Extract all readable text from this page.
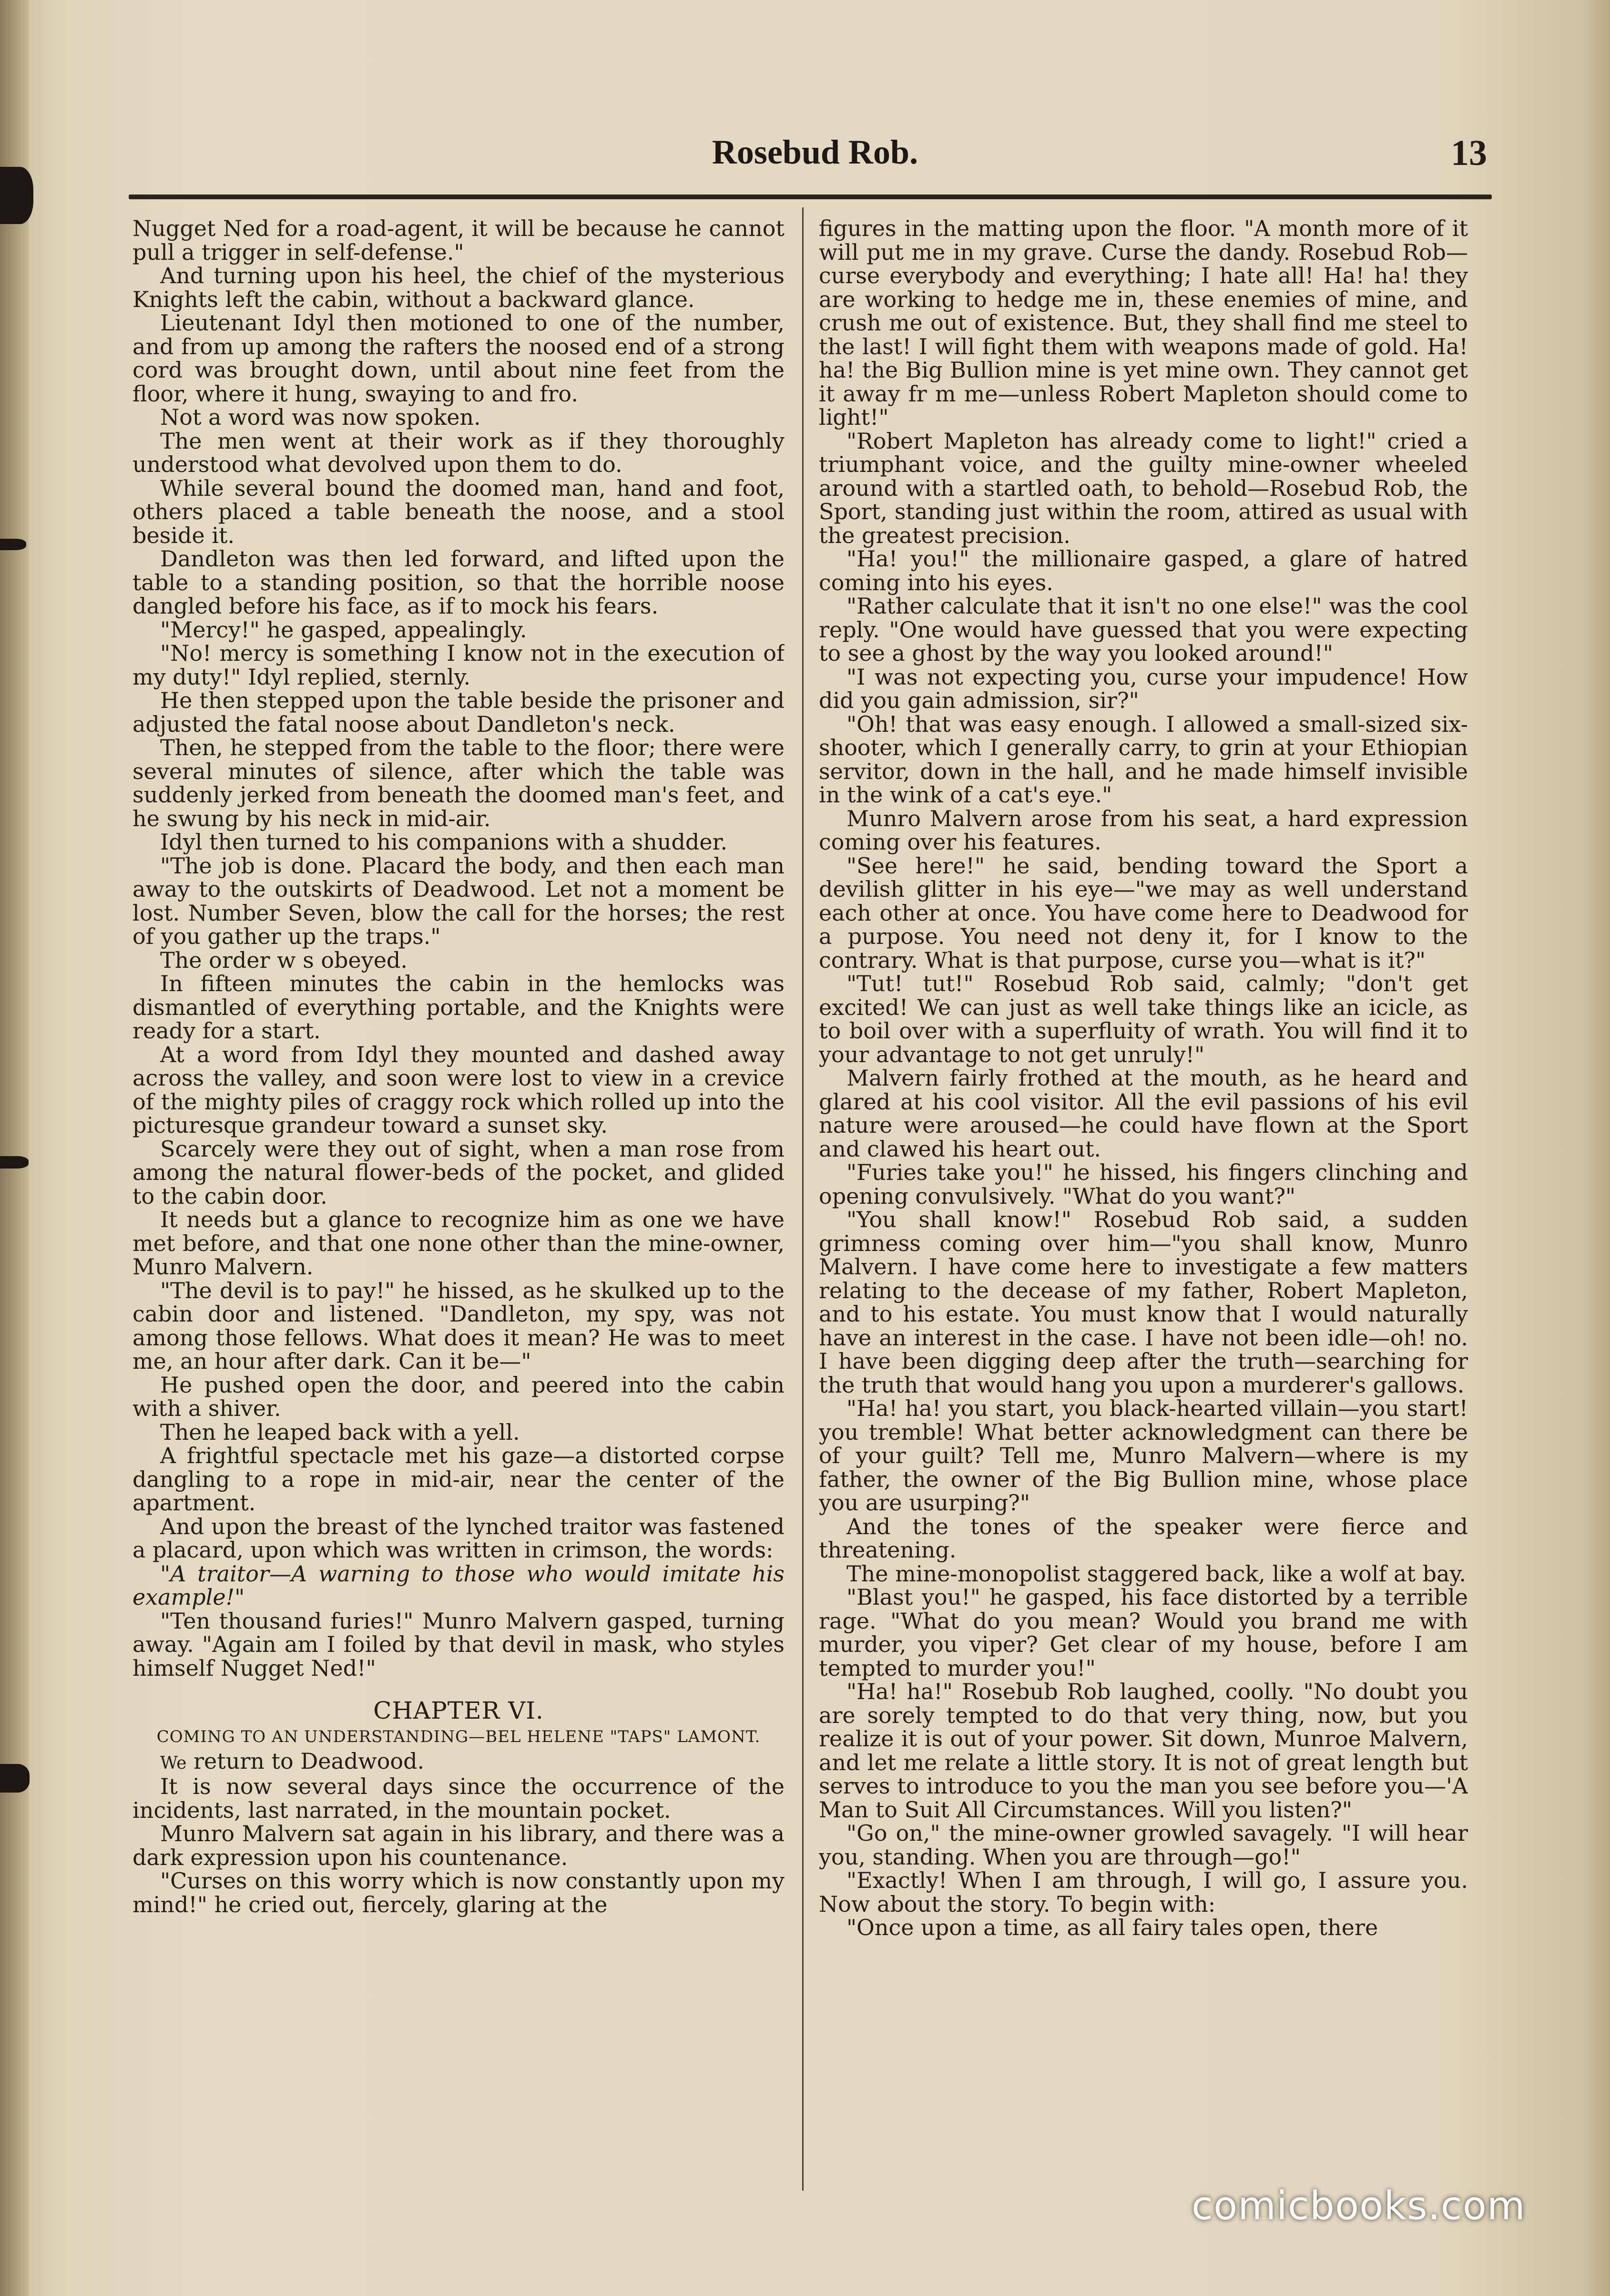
Rosebud Rob.	13

Nugget Ned for a road-agent, it will be because he cannot pull a trigger in self-defense."

And turning upon his heel, the chief of the mysterious Knights left the cabin, without a backward glance.

Lieutenant Idyl then motioned to one of the number, and from up among the rafters the noosed end of a strong cord was brought down, until about nine feet from the floor, where it hung, swaying to and fro.

Not a word was now spoken.

The men went at their work as if they thoroughly understood what devolved upon them to do.

While several bound the doomed man, hand and foot, others placed a table beneath the noose, and a stool beside it.

Dandleton was then led forward, and lifted upon the table to a standing position, so that the horrible noose dangled before his face, as if to mock his fears.

"Mercy!" he gasped, appealingly.

"No! mercy is something I know not in the execution of my duty!" Idyl replied, sternly.

He then stepped upon the table beside the prisoner and adjusted the fatal noose about Dandleton's neck.

Then, he stepped from the table to the floor; there were several minutes of silence, after which the table was suddenly jerked from beneath the doomed man's feet, and he swung by his neck in mid-air.

Idyl then turned to his companions with a shudder.

"The job is done. Placard the body, and then each man away to the outskirts of Deadwood. Let not a moment be lost. Number Seven, blow the call for the horses; the rest of you gather up the traps."

The order w s obeyed.

In fifteen minutes the cabin in the hemlocks was dismantled of everything portable, and the Knights were ready for a start.

At a word from Idyl they mounted and dashed away across the valley, and soon were lost to view in a crevice of the mighty piles of craggy rock which rolled up into the picturesque grandeur toward a sunset sky.

Scarcely were they out of sight, when a man rose from among the natural flower-beds of the pocket, and glided to the cabin door.

It needs but a glance to recognize him as one we have met before, and that one none other than the mine-owner, Munro Malvern.

"The devil is to pay!" he hissed, as he skulked up to the cabin door and listened. "Dandleton, my spy, was not among those fellows. What does it mean? He was to meet me, an hour after dark. Can it be—"

He pushed open the door, and peered into the cabin with a shiver.

Then he leaped back with a yell.

A frightful spectacle met his gaze—a distorted corpse dangling to a rope in mid-air, near the center of the apartment.

And upon the breast of the lynched traitor was fastened a placard, upon which was written in crimson, the words:

"A traitor—A warning to those who would imitate his example!"

"Ten thousand furies!" Munro Malvern gasped, turning away. "Again am I foiled by that devil in mask, who styles himself Nugget Ned!"

CHAPTER VI.
COMING TO AN UNDERSTANDING—BEL HELENE "TAPS" LAMONT.

We return to Deadwood.

It is now several days since the occurrence of the incidents, last narrated, in the mountain pocket.

Munro Malvern sat again in his library, and there was a dark expression upon his countenance.

"Curses on this worry which is now constantly upon my mind!" he cried out, fiercely, glaring at the

figures in the matting upon the floor. "A month more of it will put me in my grave. Curse the dandy. Rosebud Rob—curse everybody and everything; I hate all! Ha! ha! they are working to hedge me in, these enemies of mine, and crush me out of existence. But, they shall find me steel to the last! I will fight them with weapons made of gold. Ha! ha! the Big Bullion mine is yet mine own. They cannot get it away fr m me—unless Robert Mapleton should come to light!"

"Robert Mapleton has already come to light!" cried a triumphant voice, and the guilty mine-owner wheeled around with a startled oath, to behold—Rosebud Rob, the Sport, standing just within the room, attired as usual with the greatest precision.

"Ha! you!" the millionaire gasped, a glare of hatred coming into his eyes.

"Rather calculate that it isn't no one else!" was the cool reply. "One would have guessed that you were expecting to see a ghost by the way you looked around!"

"I was not expecting you, curse your impudence! How did you gain admission, sir?"

"Oh! that was easy enough. I allowed a small-sized six-shooter, which I generally carry, to grin at your Ethiopian servitor, down in the hall, and he made himself invisible in the wink of a cat's eye."

Munro Malvern arose from his seat, a hard expression coming over his features.

"See here!" he said, bending toward the Sport a devilish glitter in his eye—"we may as well understand each other at once. You have come here to Deadwood for a purpose. You need not deny it, for I know to the contrary. What is that purpose, curse you—what is it?"

"Tut! tut!" Rosebud Rob said, calmly; "don't get excited! We can just as well take things like an icicle, as to boil over with a superfluity of wrath. You will find it to your advantage to not get unruly!"

Malvern fairly frothed at the mouth, as he heard and glared at his cool visitor. All the evil passions of his evil nature were aroused—he could have flown at the Sport and clawed his heart out.

"Furies take you!" he hissed, his fingers clinching and opening convulsively. "What do you want?"

"You shall know!" Rosebud Rob said, a sudden grimness coming over him—"you shall know, Munro Malvern. I have come here to investigate a few matters relating to the decease of my father, Robert Mapleton, and to his estate. You must know that I would naturally have an interest in the case. I have not been idle—oh! no. I have been digging deep after the truth—searching for the truth that would hang you upon a murderer's gallows.

"Ha! ha! you start, you black-hearted villain—you start! you tremble! What better acknowledgment can there be of your guilt? Tell me, Munro Malvern—where is my father, the owner of the Big Bullion mine, whose place you are usurping?"

And the tones of the speaker were fierce and threatening.

The mine-monopolist staggered back, like a wolf at bay.

"Blast you!" he gasped, his face distorted by a terrible rage. "What do you mean? Would you brand me with murder, you viper? Get clear of my house, before I am tempted to murder you!"

"Ha! ha!" Rosebub Rob laughed, coolly. "No doubt you are sorely tempted to do that very thing, now, but you realize it is out of your power. Sit down, Munroe Malvern, and let me relate a little story. It is not of great length but serves to introduce to you the man you see before you—'A Man to Suit All Circumstances. Will you listen?"

"Go on," the mine-owner growled savagely. "I will hear you, standing. When you are through—go!"

"Exactly! When I am through, I will go, I assure you. Now about the story. To begin with:

"Once upon a time, as all fairy tales open, there

comicbooks.com
